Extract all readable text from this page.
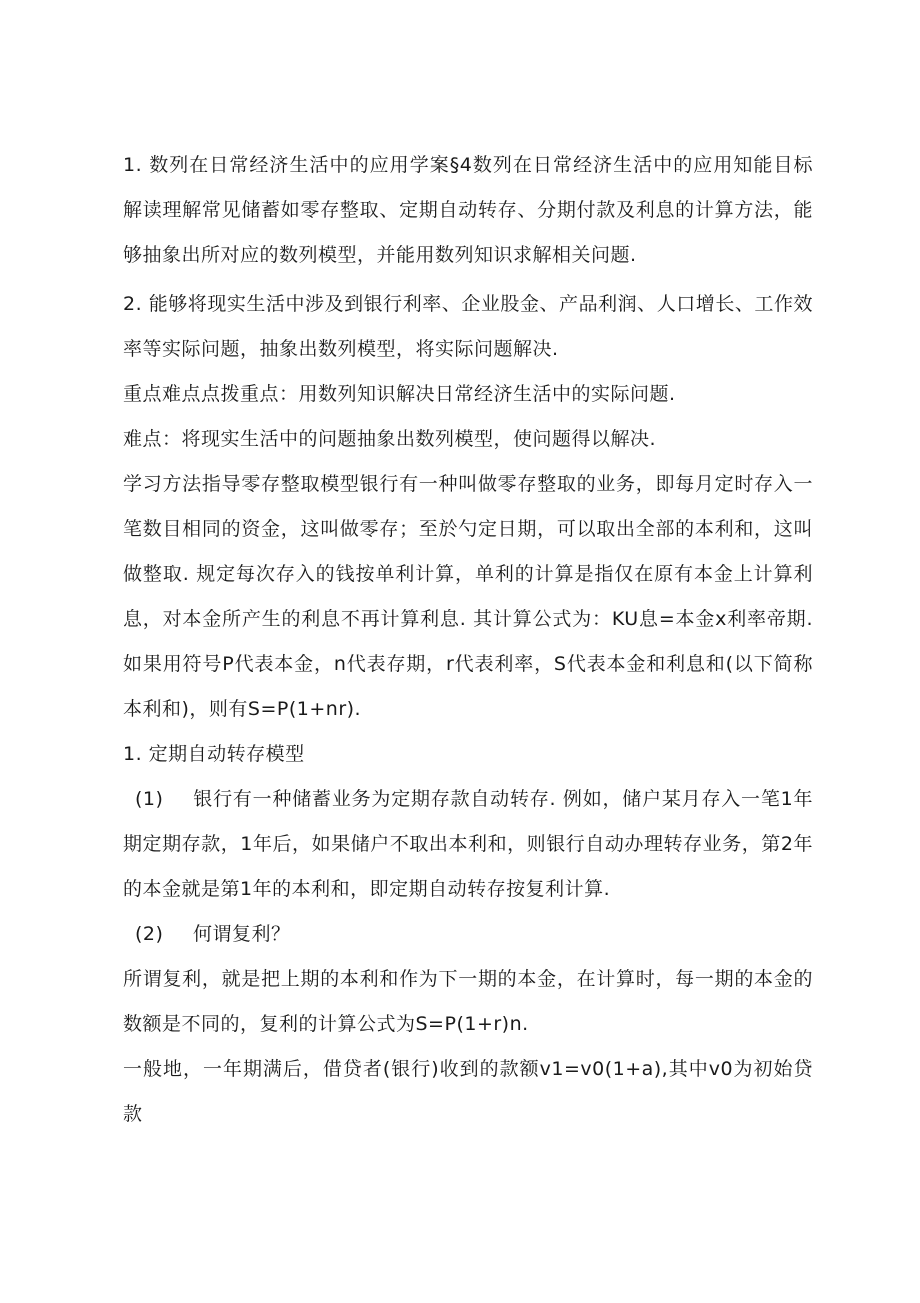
1. 数列在日常经济生活中的应用学案§4数列在日常经济生活中的应用知能目标解读理解常见储蓄如零存整取、定期自动转存、分期付款及利息的计算方法，能够抽象出所对应的数列模型，并能用数列知识求解相关问题.

2. 能够将现实生活中涉及到银行利率、企业股金、产品利润、人口增长、工作效率等实际问题，抽象出数列模型，将实际问题解决.

重点难点点拨重点：用数列知识解决日常经济生活中的实际问题.

难点：将现实生活中的问题抽象出数列模型，使问题得以解决.

学习方法指导零存整取模型银行有一种叫做零存整取的业务，即每月定时存入一笔数目相同的资金，这叫做零存；至於勺定日期，可以取出全部的本利和，这叫做整取. 规定每次存入的钱按单利计算，单利的计算是指仅在原有本金上计算利息，对本金所产生的利息不再计算利息. 其计算公式为：KU息=本金x利率帝期. 如果用符号P代表本金，n代表存期，r代表利率，S代表本金和利息和(以下简称本利和)，则有S=P(1+nr).

1. 定期自动转存模型

(1) 银行有一种储蓄业务为定期存款自动转存. 例如，储户某月存入一笔1年期定期存款，1年后，如果储户不取出本利和，则银行自动办理转存业务，第2年的本金就是第1年的本利和，即定期自动转存按复利计算.

(2) 何谓复利？

所谓复利，就是把上期的本利和作为下一期的本金，在计算时，每一期的本金的数额是不同的，复利的计算公式为S=P(1+r)n.

一般地，一年期满后，借贷者(银行)收到的款额v1=v0(1+a),其中v0为初始贷款
